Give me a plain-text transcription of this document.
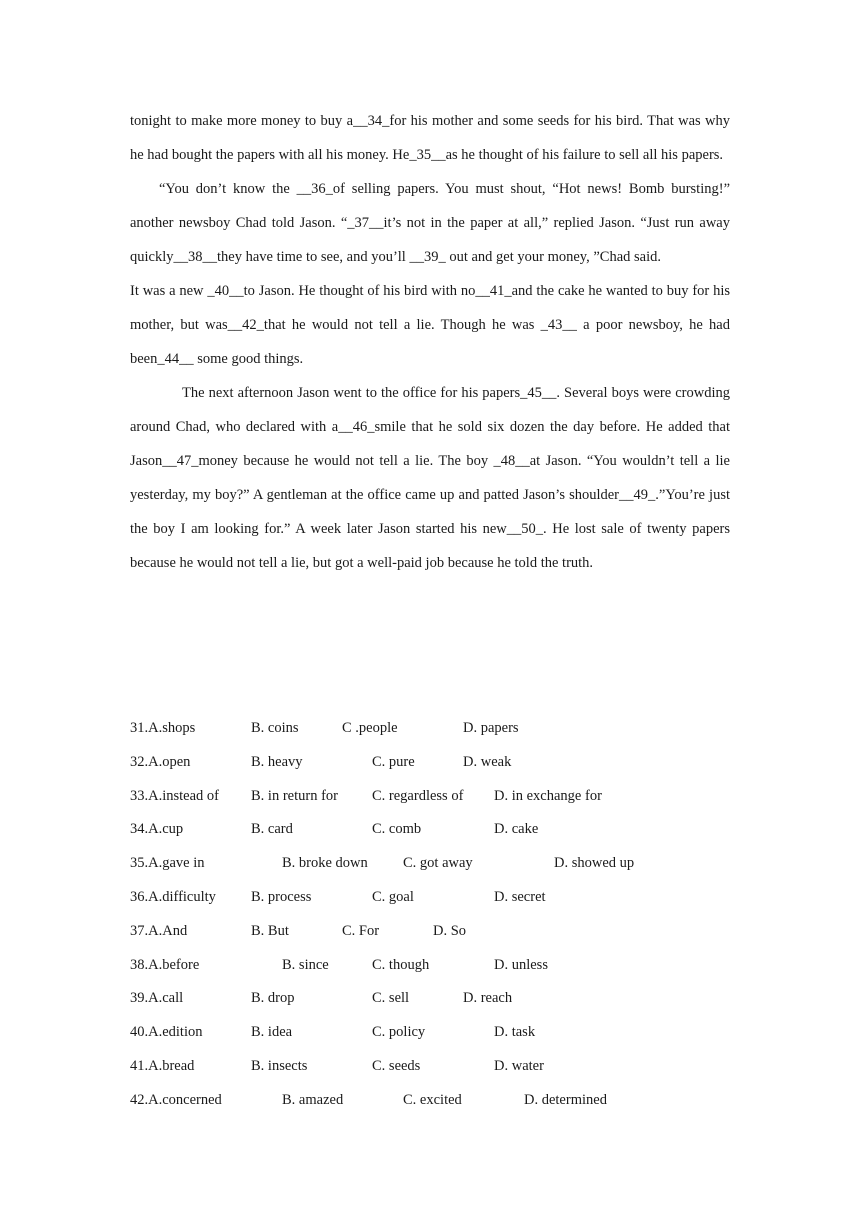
tonight to make more money to buy a__34_for his mother and some seeds for his bird. That was why he had bought the papers with all his money. He_35__as he thought of his failure to sell all his papers.

“You don’t know the __36_of selling papers. You must shout, “Hot news! Bomb bursting!” another newsboy Chad told Jason. “_37__it’s not in the paper at all,” replied Jason. “Just run away quickly__38__they have time to see, and you’ll __39_ out and get your money, ”Chad said.

It was a new _40__to Jason. He thought of his bird with no__41_and the cake he wanted to buy for his mother, but was__42_that he would not tell a lie. Though he was _43__ a poor newsboy, he had been_44__ some good things.

The next afternoon Jason went to the office for his papers_45__. Several boys were crowding around Chad, who declared with a__46_smile that he sold six dozen the day before. He added that Jason__47_money because he would not tell a lie. The boy _48__at Jason. “You wouldn’t tell a lie yesterday, my boy?” A gentleman at the office came up and patted Jason’s shoulder__49_.”You’re just the boy I am looking for.” A week later Jason started his new__50_. He lost sale of twenty papers because he would not tell a lie, but got a well-paid job because he told the truth.

31.A.shops	B. coins	C .people	D. papers
32.A.open	B. heavy	C. pure	D. weak
33.A.instead of B. in return for C. regardless of D. in exchange for
34.A.cup	B. card	C. comb	D. cake
35.A.gave in	B. broke down C. got away	D. showed up
36.A.difficulty B. process	C. goal	D. secret
37.A.And	B. But	C. For	D. So
38.A.before	B. since	C. though	D. unless
39.A.call	B. drop	C. sell	D. reach
40.A.edition	B. idea	C. policy	D. task
41.A.bread	B. insects	C. seeds	D. water
42.A.concerned	B. amazed	C. excited	D. determined
